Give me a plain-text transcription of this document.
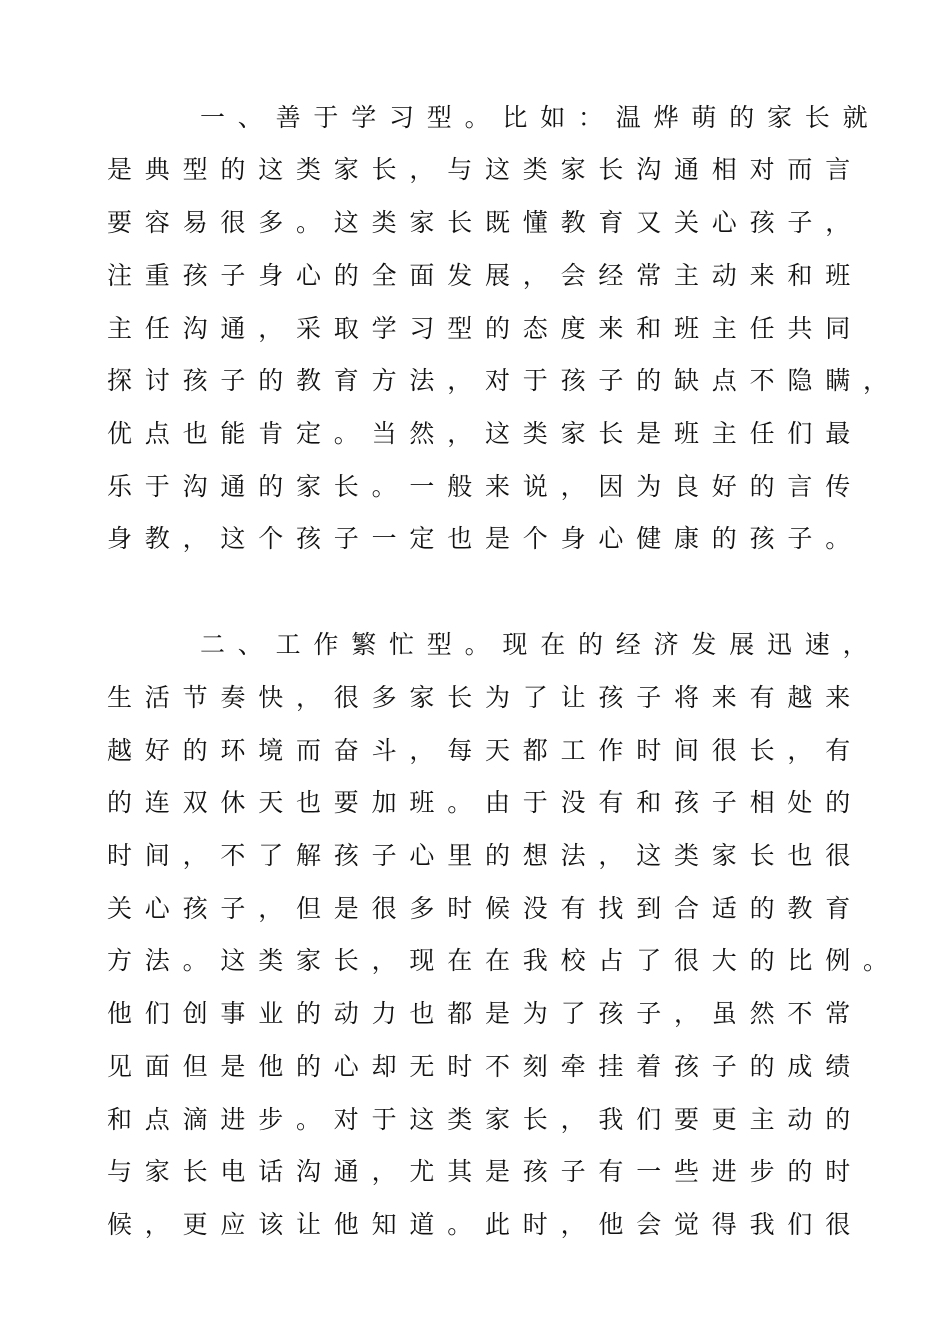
一、善于学习型。比如：温烨萌的家长就
是典型的这类家长，与这类家长沟通相对而言
要容易很多。这类家长既懂教育又关心孩子，
注重孩子身心的全面发展，会经常主动来和班
主任沟通，采取学习型的态度来和班主任共同
探讨孩子的教育方法，对于孩子的缺点不隐瞒，
优点也能肯定。当然，这类家长是班主任们最
乐于沟通的家长。一般来说，因为良好的言传
身教，这个孩子一定也是个身心健康的孩子。
二、工作繁忙型。现在的经济发展迅速，
生活节奏快，很多家长为了让孩子将来有越来
越好的环境而奋斗，每天都工作时间很长，有
的连双休天也要加班。由于没有和孩子相处的
时间，不了解孩子心里的想法，这类家长也很
关心孩子，但是很多时候没有找到合适的教育
方法。这类家长，现在在我校占了很大的比例。
他们创事业的动力也都是为了孩子，虽然不常
见面但是他的心却无时不刻牵挂着孩子的成绩
和点滴进步。对于这类家长，我们要更主动的
与家长电话沟通，尤其是孩子有一些进步的时
候，更应该让他知道。此时，他会觉得我们很
